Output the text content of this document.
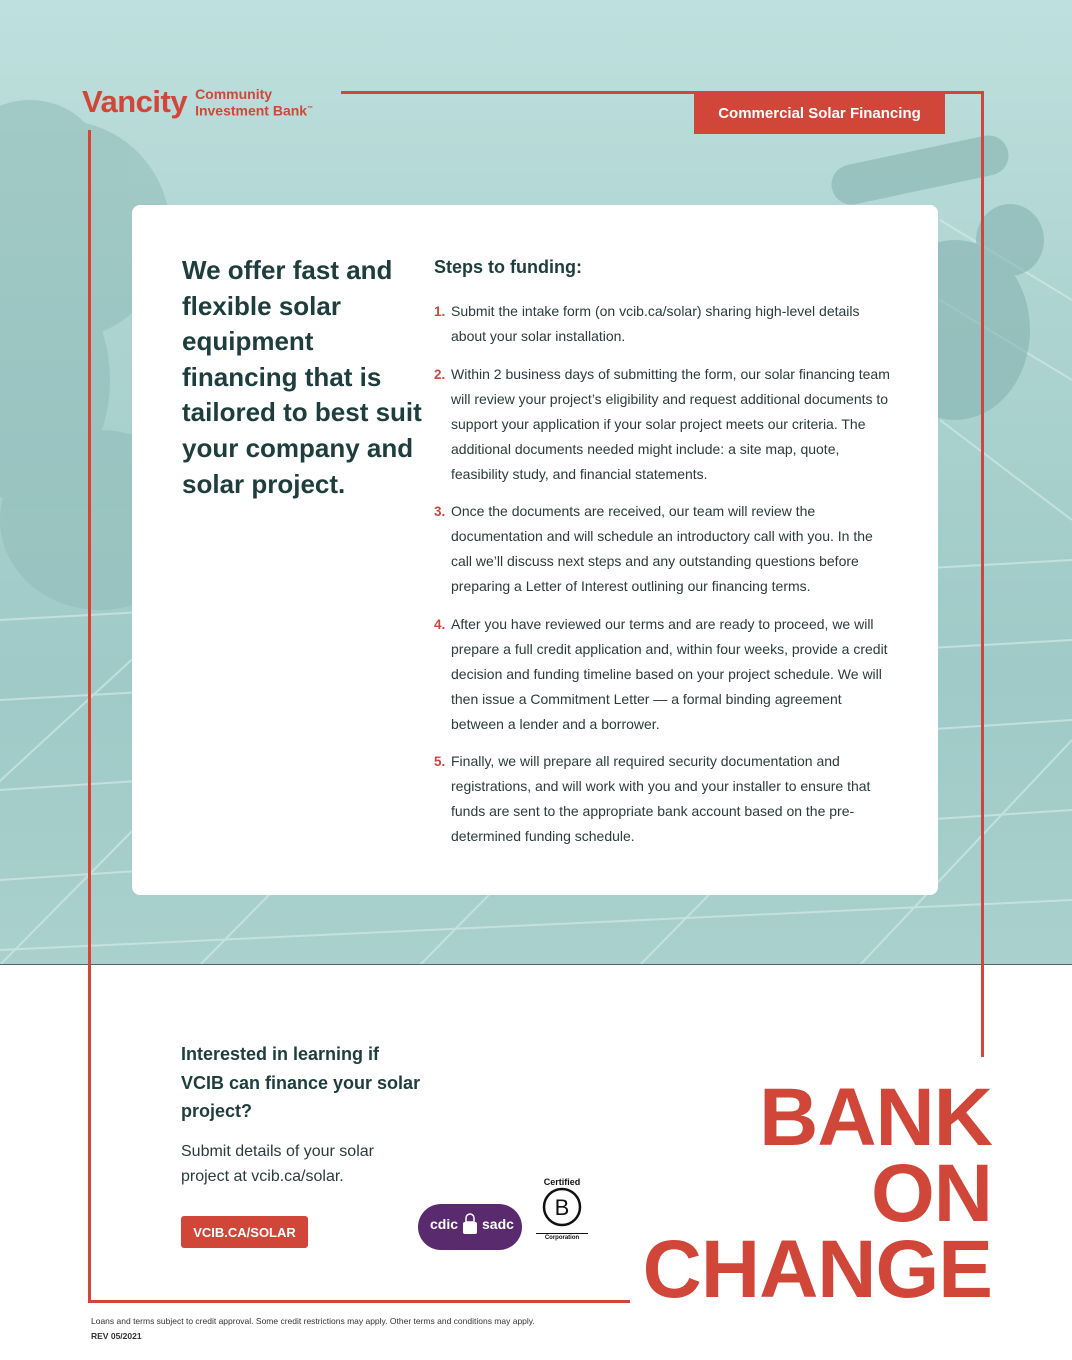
Vancity Community
Investment Bank™	Commercial Solar Financing
We offer fast and flexible solar equipment financing that is tailored to best suit your company and solar project.
Steps to funding:
1. Submit the intake form (on vcib.ca/solar) sharing high-level details about your solar installation.
2. Within 2 business days of submitting the form, our solar financing team will review your project’s eligibility and request additional documents to support your application if your solar project meets our criteria. The additional documents needed might include: a site map, quote, feasibility study, and financial statements.
3. Once the documents are received, our team will review the documentation and will schedule an introductory call with you. In the call we’ll discuss next steps and any outstanding questions before preparing a Letter of Interest outlining our financing terms.
4. After you have reviewed our terms and are ready to proceed, we will prepare a full credit application and, within four weeks, provide a credit decision and funding timeline based on your project schedule. We will then issue a Commitment Letter — a formal binding agreement between a lender and a borrower.
5. Finally, we will prepare all required security documentation and registrations, and will work with you and your installer to ensure that funds are sent to the appropriate bank account based on the pre-determined funding schedule.
Interested in learning if VCIB can finance your solar project?
Submit details of your solar project at vcib.ca/solar.
VCIB.CA/SOLAR	cdic sadc
Certified
B
Corporation
BANK
ON
CHANGE
Loans and terms subject to credit approval. Some credit restrictions may apply. Other terms and conditions may apply.
REV 05/2021
